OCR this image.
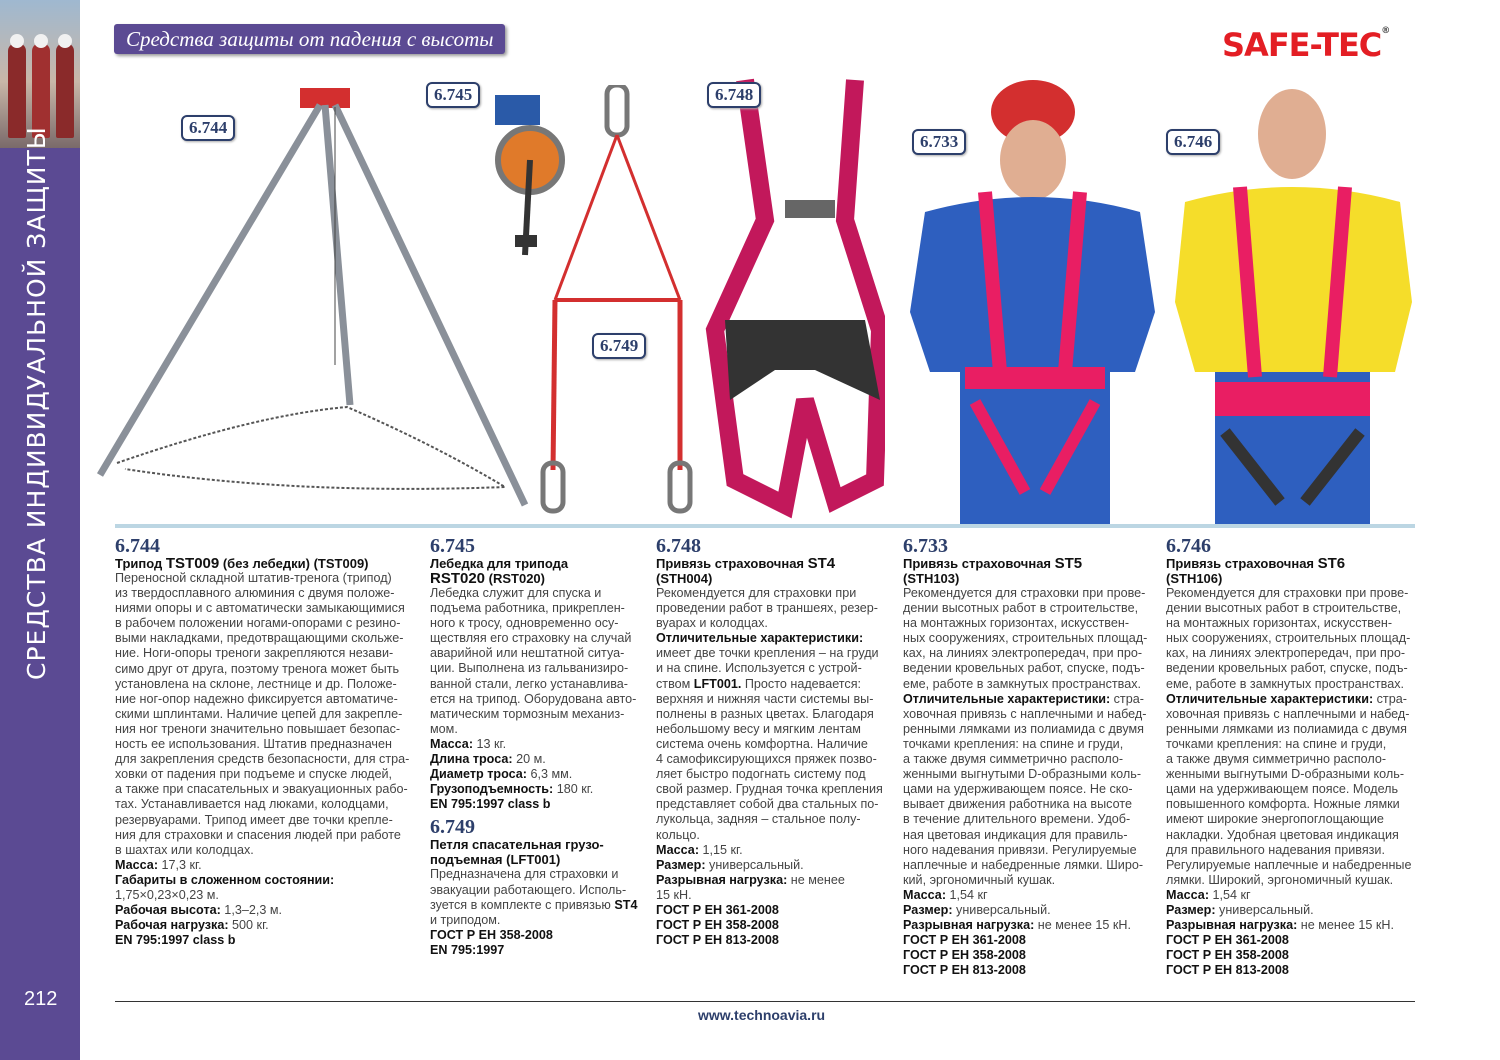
СРЕДСТВА ИНДИВИДУАЛЬНОЙ ЗАЩИТЫ
212
Средства защиты от падения с высоты	SAFE-TEC®
6.744
6.745	6.748
6.749
6.733	6.746
6.744
Трипод TST009 (без лебедки) (TST009)

Переносной складной штатив-тренога (трипод)

из твердосплавного алюминия с двумя положе-

ниями опоры и с автоматически замыкающимися

в рабочем положении ногами-опорами с резино-

выми накладками, предотвращающими скольже-

ние. Ноги-опоры треноги закрепляются незави-

симо друг от друга, поэтому тренога может быть

установлена на склоне, лестнице и др. Положе-

ние ног-опор надежно фиксируется автоматиче-

скими шплинтами. Наличие цепей для закрепле-

ния ног треноги значительно повышает безопас-

ность ее использования. Штатив предназначен

для закрепления средств безопасности, для стра-

ховки от падения при подъеме и спуске людей,

а также при спасательных и эвакуационных рабо-

тах. Устанавливается над люками, колодцами,

резервуарами. Трипод имеет две точки крепле-

ния для страховки и спасения людей при работе

в шахтах или колодцах.

Масса: 17,3 кг.

Габариты в сложенном состоянии:

1,75×0,23×0,23 м.

Рабочая высота: 1,3–2,3 м.

Рабочая нагрузка: 500 кг.

EN 795:1997 class b

6.745
Лебедка для трипода
RST020 (RST020)

Лебедка служит для спуска и

подъема работника, прикреплен-

ного к тросу, одновременно осу-

ществляя его страховку на случай

аварийной или нештатной ситуа-

ции. Выполнена из гальванизиро-

ванной стали, легко устанавлива-

ется на трипод. Оборудована авто-

матическим тормозным механиз-

мом.

Масса: 13 кг.

Длина троса: 20 м.

Диаметр троса: 6,3 мм.

Грузоподъемность: 180 кг.

EN 795:1997 class b

6.749
Петля спасательная грузо-
подъемная (LFT001)

Предназначена для страховки и

эвакуации работающего. Исполь-

зуется в комплекте с привязью ST4

и триподом.

ГОСТ Р ЕН 358-2008

EN 795:1997

6.748
Привязь страховочная ST4
(STH004)

Рекомендуется для страховки при

проведении работ в траншеях, резер-

вуарах и колодцах.

Отличительные характеристики:

имеет две точки крепления – на груди

и на спине. Используется с устрой-

ством LFT001. Просто надевается:

верхняя и нижняя части системы вы-

полнены в разных цветах. Благодаря

небольшому весу и мягким лентам

система очень комфортна. Наличие

4 самофиксирующихся пряжек позво-

ляет быстро подогнать систему под

свой размер. Грудная точка крепления

представляет собой два стальных по-

лукольца, задняя – стальное полу-

кольцо.

Масса: 1,15 кг.

Размер: универсальный.

Разрывная нагрузка: не менее

15 кН.

ГОСТ Р ЕН 361-2008

ГОСТ Р ЕН 358-2008

ГОСТ Р ЕН 813-2008

6.733
Привязь страховочная ST5
(STH103)

Рекомендуется для страховки при прове-

дении высотных работ в строительстве,

на монтажных горизонтах, искусствен-

ных сооружениях, строительных площад-

ках, на линиях электропередач, при про-

ведении кровельных работ, спуске, подъ-

еме, работе в замкнутых пространствах.

Отличительные характеристики: стра-

ховочная привязь с наплечными и набед-

ренными лямками из полиамида с двумя

точками крепления: на спине и груди,

а также двумя симметрично располо-

женными выгнутыми D-образными коль-

цами на удерживающем поясе. Не ско-

вывает движения работника на высоте

в течение длительного времени. Удоб-

ная цветовая индикация для правиль-

ного надевания привязи. Регулируемые

наплечные и набедренные лямки. Широ-

кий, эргономичный кушак.

Масса: 1,54 кг

Размер: универсальный.

Разрывная нагрузка: не менее 15 кН.

ГОСТ Р ЕН 361-2008

ГОСТ Р ЕН 358-2008

ГОСТ Р ЕН 813-2008

6.746
Привязь страховочная ST6
(STH106)

Рекомендуется для страховки при прове-

дении высотных работ в строительстве,

на монтажных горизонтах, искусствен-

ных сооружениях, строительных площад-

ках, на линиях электропередач, при про-

ведении кровельных работ, спуске, подъ-

еме, работе в замкнутых пространствах.

Отличительные характеристики: стра-

ховочная привязь с наплечными и набед-

ренными лямками из полиамида с двумя

точками крепления: на спине и груди,

а также двумя симметрично располо-

женными выгнутыми D-образными коль-

цами на удерживающем поясе. Модель

повышенного комфорта. Ножные лямки

имеют широкие энергопоглощающие

накладки. Удобная цветовая индикация

для правильного надевания привязи.

Регулируемые наплечные и набедренные

лямки. Широкий, эргономичный кушак.

Масса: 1,54 кг

Размер: универсальный.

Разрывная нагрузка: не менее 15 кН.

ГОСТ Р ЕН 361-2008

ГОСТ Р ЕН 358-2008

ГОСТ Р ЕН 813-2008

www.technoavia.ru
